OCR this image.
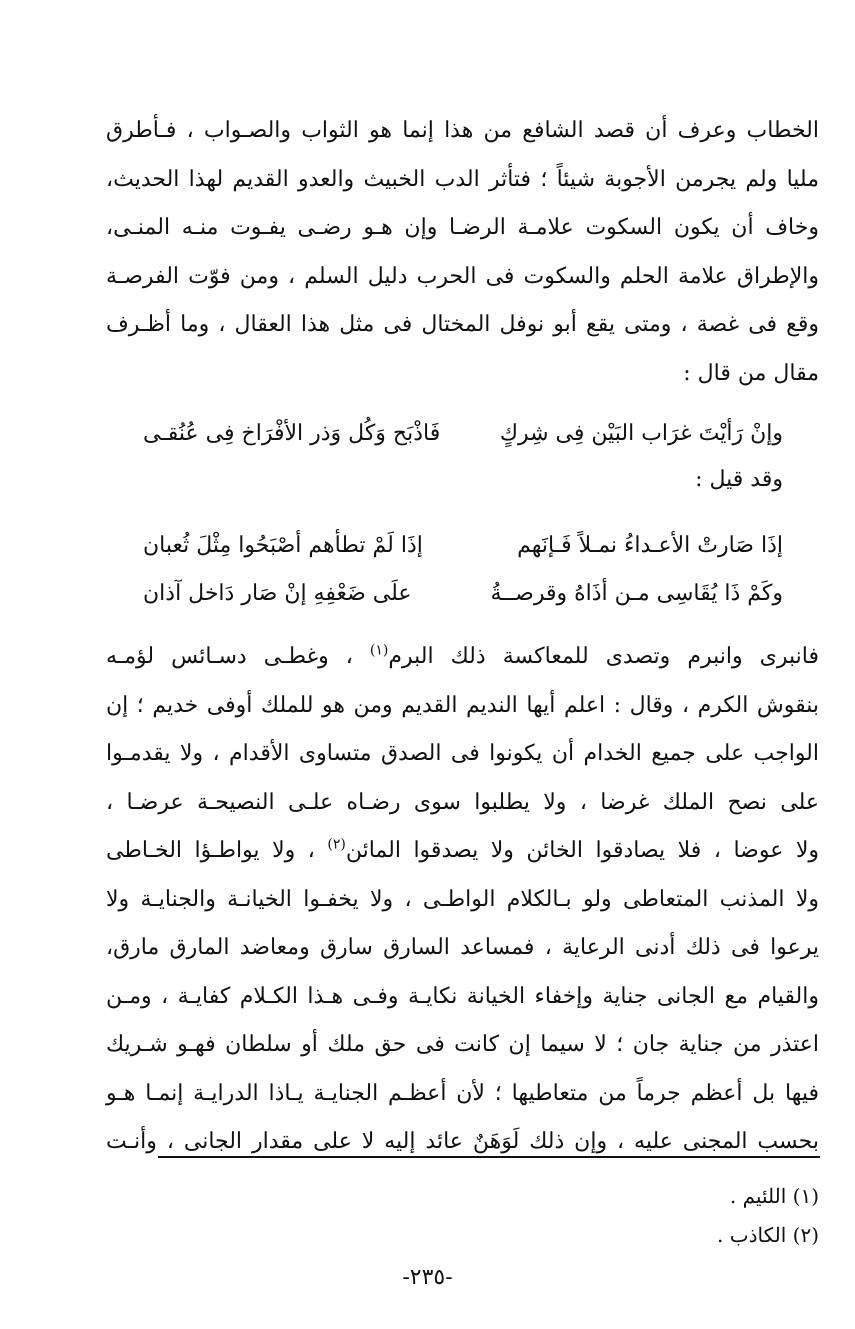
الخطاب وعرف أن قصد الشافع من هذا إنما هو الثواب والصـواب ، فـأطرق
مليا ولم يجرمن الأجوبة شيئاً ؛ فتأثر الدب الخبيث والعدو القديم لهذا الحديث،
وخاف أن يكون السكوت علامـة الرضـا وإن هـو رضـى يفـوت منـه المنـى،
والإطراق علامة الحلم والسكوت فى الحرب دليل السلم ، ومن فوّت الفرصـة
وقع فى غصة ، ومتى يقع أبو نوفل المختال فى مثل هذا العقال ، وما أظـرف
مقال من قال :
وإنْ رَأيْتَ غرَاب البَيْن فِى شِركٍ
فَاذْبَح وَكُل وَذر الأفْرَاخ فِى عُنُقـى
وقد قيل :
إذَا صَارتْ الأعـداءُ نمـلاً فَـإنَهم
إذَا لَمْ تطأهم أصْبَحُوا مِثْلَ ثُعبان
وكَمْ ذَا يُقَاسِى مـن أذَاهُ وقرصــةُ
علَى ضَعْفِهِ إنْ صَار دَاخل آذان
فانبرى وانبرم وتصدى للمعاكسة ذلك البرم$^{(١)}$ ، وغطـى دسـائس لؤمـه
بنقوش الكرم ، وقال : اعلم أيها النديم القديم ومن هو للملك أوفى خديم ؛ إن
الواجب على جميع الخدام أن يكونوا فى الصدق متساوى الأقدام ، ولا يقدمـوا
على نصح الملك غرضا ، ولا يطلبوا سوى رضـاه علـى النصيحـة عرضـا ،
ولا عوضا ، فلا يصادقوا الخائن ولا يصدقوا المائن$^{(٢)}$ ، ولا يواطـؤا الخـاطى
ولا المذنب المتعاطى ولو بـالكلام الواطـى ، ولا يخفـوا الخيانـة والجنايـة ولا
يرعوا فى ذلك أدنى الرعاية ، فمساعد السارق سارق ومعاضد المارق مارق،
والقيام مع الجانى جناية وإخفاء الخيانة نكايـة وفـى هـذا الكـلام كفايـة ، ومـن
اعتذر من جناية جان ؛ لا سيما إن كانت فى حق ملك أو سلطان فهـو شـريك
فيها بل أعظم جرماً من متعاطيها ؛ لأن أعظـم الجنايـة يـاذا الدرايـة إنمـا هـو
بحسب المجنى عليه ، وإن ذلك لَوَهَنٌ عائد إليه لا على مقدار الجانى ، وأنـت
(١) اللئيم .
(٢) الكاذب .
-٢٣٥-
